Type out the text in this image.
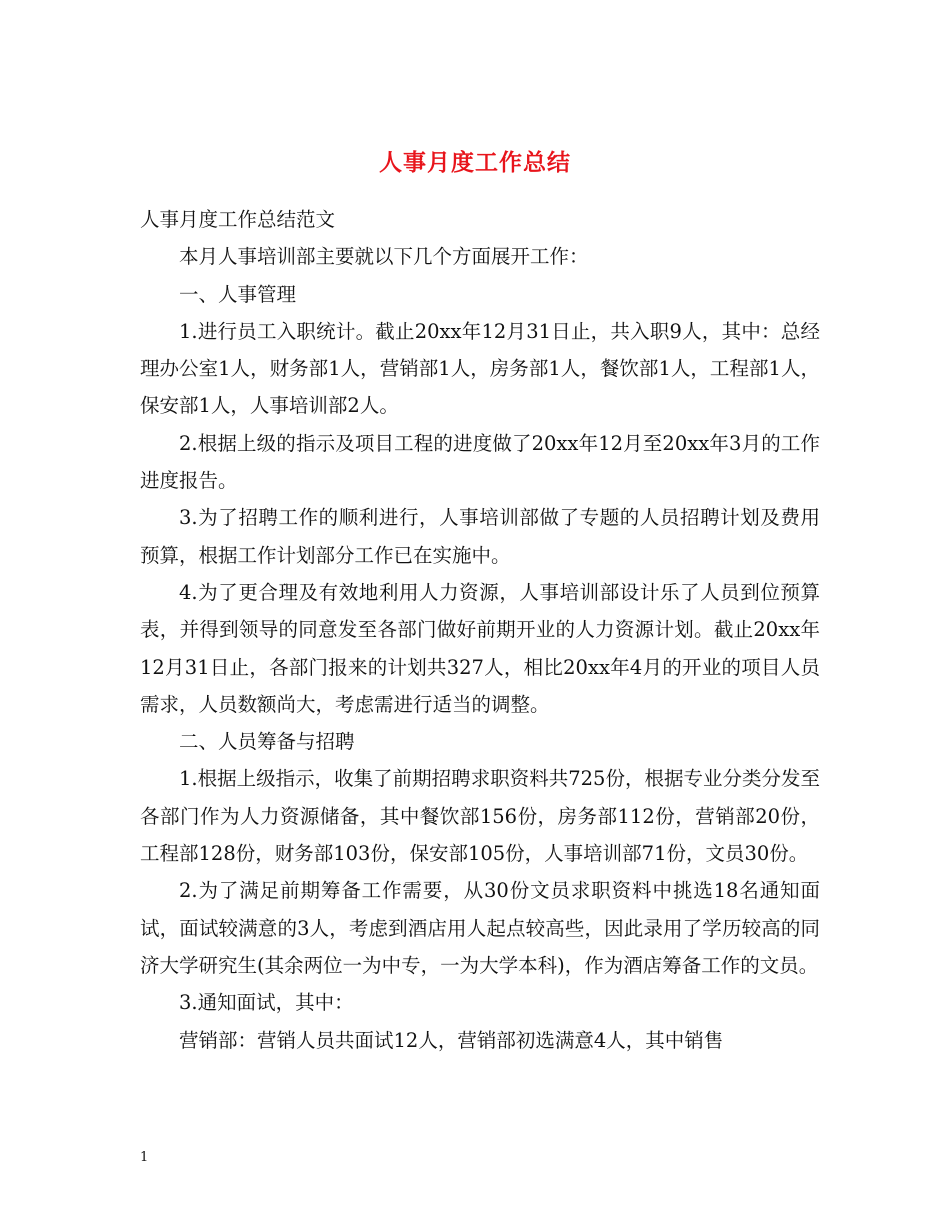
人事月度工作总结

人事月度工作总结范文

本月人事培训部主要就以下几个方面展开工作：

一、人事管理

1.进行员工入职统计。截止20xx年12月31日止，共入职9人，其中：总经理办公室1人，财务部1人，营销部1人，房务部1人，餐饮部1人，工程部1人，保安部1人，人事培训部2人。

2.根据上级的指示及项目工程的进度做了20xx年12月至20xx年3月的工作进度报告。

3.为了招聘工作的顺利进行，人事培训部做了专题的人员招聘计划及费用预算，根据工作计划部分工作已在实施中。

4.为了更合理及有效地利用人力资源，人事培训部设计乐了人员到位预算表，并得到领导的同意发至各部门做好前期开业的人力资源计划。截止20xx年12月31日止，各部门报来的计划共327人，相比20xx年4月的开业的项目人员需求，人员数额尚大，考虑需进行适当的调整。

二、人员筹备与招聘

1.根据上级指示，收集了前期招聘求职资料共725份，根据专业分类分发至各部门作为人力资源储备，其中餐饮部156份，房务部112份，营销部20份，工程部128份，财务部103份，保安部105份，人事培训部71份，文员30份。

2.为了满足前期筹备工作需要，从30份文员求职资料中挑选18名通知面试，面试较满意的3人，考虑到酒店用人起点较高些，因此录用了学历较高的同济大学研究生(其余两位一为中专，一为大学本科)，作为酒店筹备工作的文员。

3.通知面试，其中：

营销部：营销人员共面试12人，营销部初选满意4人，其中销售

1
